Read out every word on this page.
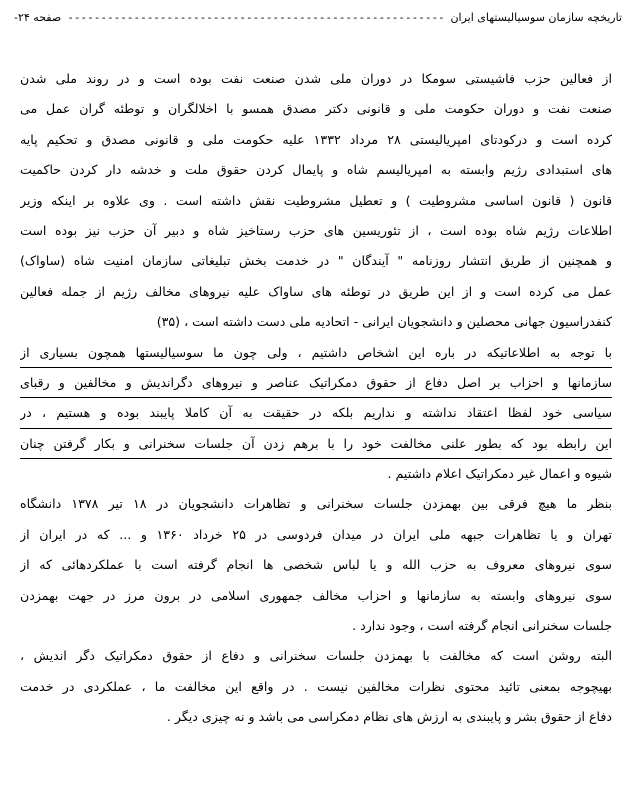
تاریخچه سازمان سوسیالیستهای ایران
-----
صفحه ۲۴-
از فعالین حزب فاشیستی سومکا در دوران ملی شدن صنعت نفت بوده است و در روند ملی شدن
صنعت نفت و دوران حکومت ملی و قانونی دکتر مصدق همسو با اخلالگران و توطئه گران عمل می
کرده است و درکودتای امپریالیستی ۲۸ مرداد ۱۳۳۲ علیه حکومت ملی و قانونی مصدق و تحکیم پایه
های استبدادی رژیم وابسته به امپریالیسم شاه و پایمال کردن حقوق ملت و خدشه دار کردن حاکمیت
قانون ( قانون اساسی مشروطیت ) و تعطیل مشروطیت نقش داشته است . وی علاوه بر اینکه وزیر
اطلاعات رژیم شاه بوده است ، از تئوریسین های حزب رستاخیز شاه و دبیر آن حزب نیز بوده است
و همچنین از طریق انتشار روزنامه " آیندگان " در خدمت بخش تبلیغاتی سازمان امنیت شاه (ساواک)
عمل می کرده است و از این طریق در توطئه های ساواک علیه نیروهای مخالف رژیم از جمله فعالین
کنفدراسیون جهانی محصلین و دانشجویان ایرانی - اتحادیه ملی دست داشته است ، (۳۵)
با توجه به اطلاعاتیکه در باره این اشخاص داشتیم ، ولی چون ما سوسیالیستها همچون بسیاری از
سازمانها و احزاب بر اصل دفاع از حقوق دمکراتیک عناصر و نیروهای دگراندیش و مخالفین و رقبای
سیاسی خود لفظا اعتقاد نداشته و نداریم بلکه در حقیقت به آن کاملا پایبند بوده و هستیم ، در
این رابطه بود که بطور علنی مخالفت خود را با برهم زدن آن جلسات سخنرانی و بکار گرفتن چنان
شیوه و اعمال غیر دمکراتیک اعلام داشتیم .
بنظر ما هیچ فرقی بین بهمزدن جلسات سخنرانی و تظاهرات دانشجویان در ۱۸ تیر ۱۳۷۸ دانشگاه
تهران و یا تظاهرات جبهه ملی ایران در میدان فردوسی در ۲۵ خرداد ۱۳۶۰ و ... که در ایران از
سوی نیروهای معروف به حزب الله و یا لباس شخصی ها انجام گرفته است با عملکردهائی که از
سوی نیروهای وابسته به سازمانها و احزاب مخالف جمهوری اسلامی در برون مرز در جهت بهمزدن
جلسات سخنرانی انجام گرفته است ، وجود ندارد .
البته روشن است که مخالفت با بهمزدن جلسات سخنرانی و دفاع از حقوق دمکراتیک دگر اندیش ،
بهیچوجه بمعنی تائید محتوی نظرات مخالفین نیست . در واقع این مخالفت ما ، عملکردی در خدمت
دفاع از حقوق بشر و پایبندی به ارزش های نظام دمکراسی می باشد و نه چیزی دیگر .
